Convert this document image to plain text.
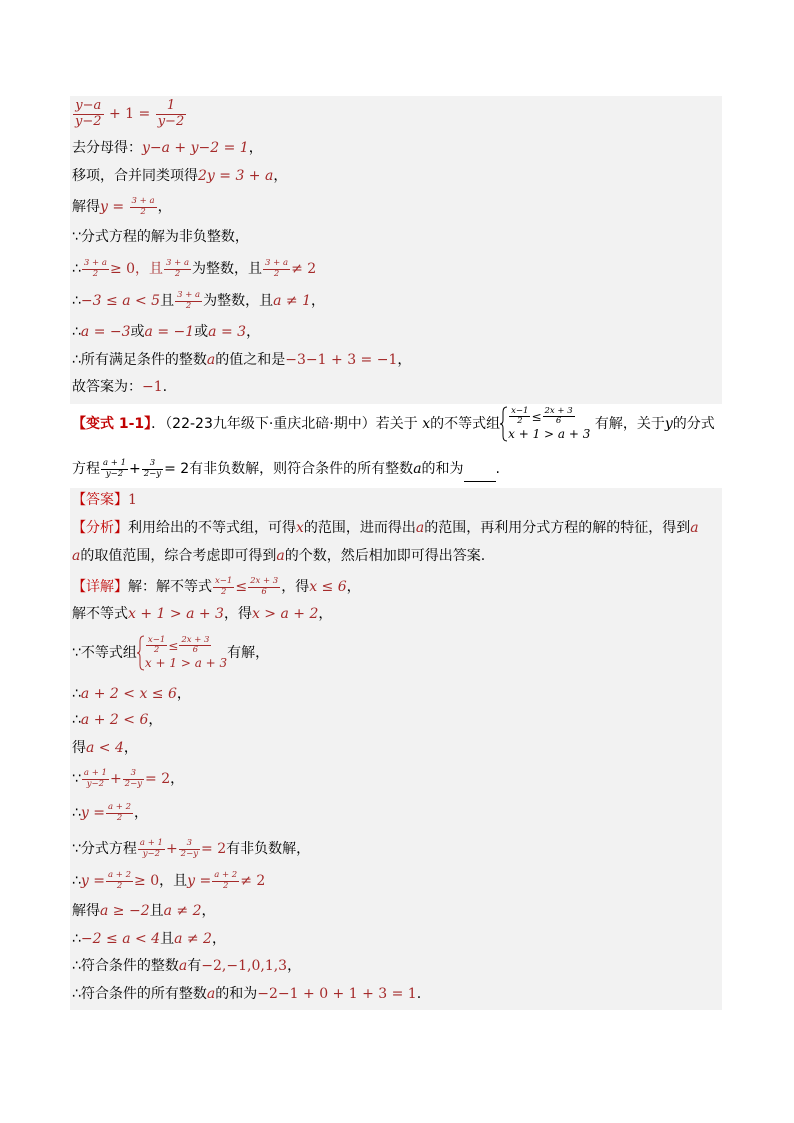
$\frac{y-a}{y-2} + 1 = \frac{1}{y-2}$
去分母得：y−a + y−2 = 1，
移项，合并同类项得2y = 3 + a，
解得$y = \frac{3 + a}{2}$ ，
∵分式方程的解为非负整数，
∴ $\frac{3 + a}{2} \ge 0$，且 $\frac{3 + a}{2}$ 为整数，且 $\frac{3 + a}{2} \ne 2$
∴−3 ≤ a < 5且 $\frac{3 + a}{2}$ 为整数，且a ≠ 1，
∴a = −3或a = −1或a = 3，
∴所有满足条件的整数a的值之和是−3−1 + 3 = −1，
故答案为：−1.
【变式 1-1】．（22-23九年级下·重庆北碚·期中）若关于 x的不等式组 $\frac{x-1}{2} \le \frac{2x + 3}{6}$
x + 1 > a + 3
有解，关于y的分式
方程 $\frac{a + 1}{y-2} + \frac{3}{2-y} = 2$有非负数解，则符合条件的所有整数a的和为 .
【答案】1
【分析】利用给出的不等式组，可得x的范围，进而得出a的范围，再利用分式方程的解的特征，得到a
a的取值范围，综合考虑即可得到a的个数，然后相加即可得出答案.
【详解】解：解不等式 $\frac{x-1}{2} \le \frac{2x + 3}{6}$ ，得x ≤ 6，
解不等式x + 1 > a + 3，得x > a + 2，
∵不等式组 $\frac{x-1}{2} \le \frac{2x + 3}{6}$
x + 1 > a + 3
有解，
∴a + 2 < x ≤ 6，
∴a + 2 < 6，
得a < 4，
∵ $\frac{a + 1}{y-2} + \frac{3}{2-y} = 2$，
∴y = $\frac{a + 2}{2}$ ，
∵分式方程 $\frac{a + 1}{y-2} + \frac{3}{2-y} = 2$有非负数解，
∴y = $\frac{a + 2}{2} \ge 0$，且$y = \frac{a + 2}{2} \ne 2$
解得a ≥ −2且a ≠ 2，
∴−2 ≤ a < 4且a ≠ 2，
∴符合条件的整数a有−2,−1,0,1,3，
∴符合条件的所有整数a的和为−2−1 + 0 + 1 + 3 = 1.
